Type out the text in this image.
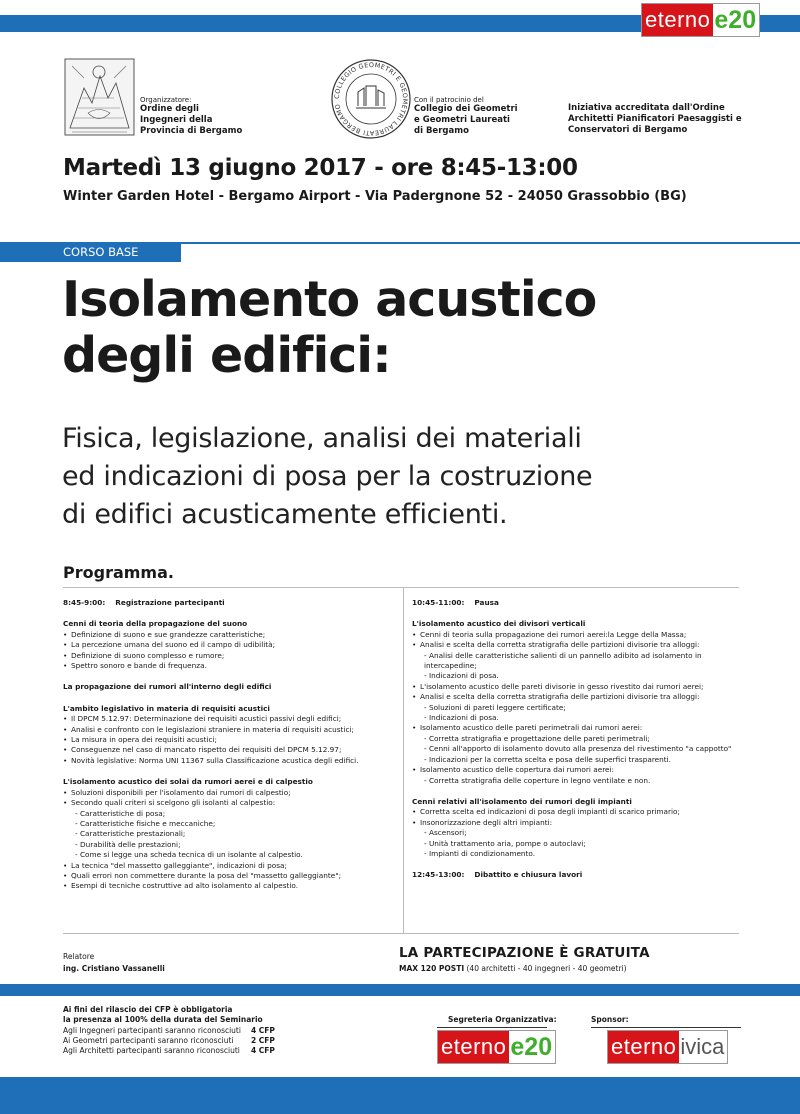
eterno e20
Organizzatore:
Ordine degli
Ingegneri della
Provincia di Bergamo
COLLEGIO GEOMETRI E GEOMETRI LAUREATI BERGAMO
Con il patrocinio del
Collegio dei Geometri
e Geometri Laureati
di Bergamo
Iniziativa accreditata dall'Ordine
Architetti Pianificatori Paesaggisti e
Conservatori di Bergamo
Martedì 13 giugno 2017 - ore 8:45-13:00
Winter Garden Hotel - Bergamo Airport - Via Padergnone 52 - 24050 Grassobbio (BG)
CORSO BASE
Isolamento acustico
degli edifici:
Fisica, legislazione, analisi dei materiali
ed indicazioni di posa per la costruzione
di edifici acusticamente efficienti.
Programma.
8:45-9:00: Registrazione partecipanti
Cenni di teoria della propagazione del suono
• Definizione di suono e sue grandezze caratteristiche;
• La percezione umana del suono ed il campo di udibilità;
• Definizione di suono complesso e rumore;
• Spettro sonoro e bande di frequenza.
La propagazione dei rumori all'interno degli edifici
L'ambito legislativo in materia di requisiti acustici
• Il DPCM 5.12.97: Determinazione dei requisiti acustici passivi degli edifici;
• Analisi e confronto con le legislazioni straniere in materia di requisiti acustici;
• La misura in opera dei requisiti acustici;
• Conseguenze nel caso di mancato rispetto dei requisiti del DPCM 5.12.97;
• Novità legislative: Norma UNI 11367 sulla Classificazione acustica degli edifici.
L'isolamento acustico dei solai da rumori aerei e di calpestio
• Soluzioni disponibili per l'isolamento dai rumori di calpestio;
• Secondo quali criteri si scelgono gli isolanti al calpestio:
- Caratteristiche di posa;
- Caratteristiche fisiche e meccaniche;
- Caratteristiche prestazionali;
- Durabilità delle prestazioni;
- Come si legge una scheda tecnica di un isolante al calpestio.
• La tecnica "del massetto galleggiante", indicazioni di posa;
• Quali errori non commettere durante la posa del "massetto galleggiante";
• Esempi di tecniche costruttive ad alto isolamento al calpestio.
10:45-11:00: Pausa
L'isolamento acustico dei divisori verticali
• Cenni di teoria sulla propagazione dei rumori aerei:la Legge della Massa;
• Analisi e scelta della corretta stratigrafia delle partizioni divisorie tra alloggi:
- Analisi delle caratteristiche salienti di un pannello adibito ad isolamento in intercapedine;
- Indicazioni di posa.
• L'isolamento acustico delle pareti divisorie in gesso rivestito dai rumori aerei;
• Analisi e scelta della corretta stratigrafia delle partizioni divisorie tra alloggi:
- Soluzioni di pareti leggere certificate;
- Indicazioni di posa.
• Isolamento acustico delle pareti perimetrali dai rumori aerei:
- Corretta stratigrafia e progettazione delle pareti perimetrali;
- Cenni all'apporto di isolamento dovuto alla presenza del rivestimento "a cappotto"
- Indicazioni per la corretta scelta e posa delle superfici trasparenti.
• Isolamento acustico delle copertura dai rumori aerei:
- Corretta stratigrafia delle coperture in legno ventilate e non.
Cenni relativi all'isolamento dei rumori degli impianti
• Corretta scelta ed indicazioni di posa degli impianti di scarico primario;
• Insonorizzazione degli altri impianti:
- Ascensori;
- Unità trattamento aria, pompe o autoclavi;
- Impianti di condizionamento.
12:45-13:00: Dibattito e chiusura lavori
Relatore
ing. Cristiano Vassanelli
LA PARTECIPAZIONE È GRATUITA
MAX 120 POSTI (40 architetti - 40 ingegneri - 40 geometri)
Ai fini del rilascio dei CFP è obbligatoria
la presenza al 100% della durata del Seminario
Agli Ingegneri partecipanti saranno riconosciuti	4 CFP
Ai Geometri partecipanti saranno riconosciuti	2 CFP
Agli Architetti partecipanti saranno riconosciuti	4 CFP
Segreteria Organizzativa:
eterno e20
Sponsor:
eterno ivica
